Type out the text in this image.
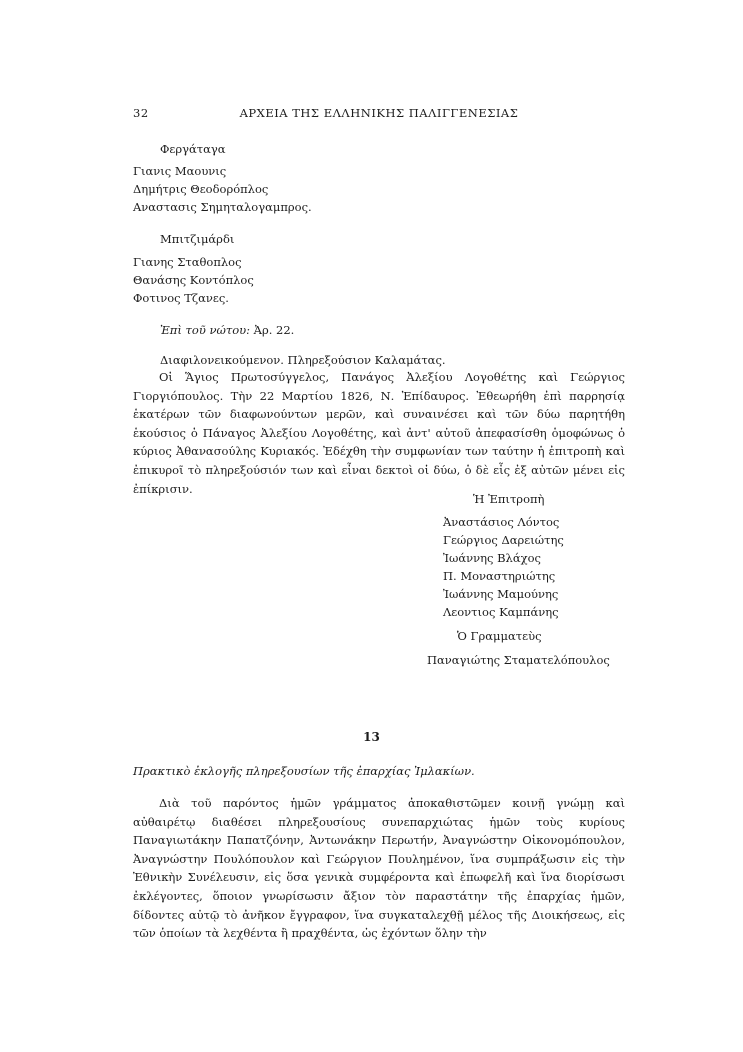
32	ΑΡΧΕΙΑ ΤΗΣ ΕΛΛΗΝΙΚΗΣ ΠΑΛΙΓΓΕΝΕΣΙΑΣ
Φεργάταγα
Γιανις Μαουνις
Δημήτρις Θεοδορόπλος
Αναστασις Σημηταλογαμπρος.
Μπιτζιμάρδι
Γιανης Σταθοπλος
Θανάσης Κοντόπλος
Φοτινος Τζανες.
Ἐπὶ τοῦ νώτου: Ἀρ. 22.
Διαφιλονεικούμενον. Πληρεξούσιον Καλαμάτας.

Οἱ Ἅγιος Πρωτοσύγγελος, Πανάγος Ἀλεξίου Λογοθέτης καὶ Γεώργιος Γιοργιόπουλος. Τὴν 22 Μαρτίου 1826, Ν. Ἐπίδαυρος. Ἐθεωρήθη ἐπὶ παρρησίᾳ ἑκατέρων τῶν διαφωνούντων μερῶν, καὶ συναινέσει καὶ τῶν δύω παρητήθη ἑκούσιος ὁ Πάναγος Ἀλεξίου Λογοθέτης, καὶ ἀντ' αὐτοῦ ἀπεφασίσθη ὁμοφώνως ὁ κύριος Ἀθανασούλης Κυριακός. Ἐδέχθη τὴν συμφωνίαν των ταύτην ἡ ἐπιτροπὴ καὶ ἐπικυροῖ τὸ πληρεξούσιόν των καὶ εἶναι δεκτοὶ οἱ δύω, ὁ δὲ εἷς ἐξ αὐτῶν μένει εἰς ἐπίκρισιν.

Ἡ Ἐπιτροπὴ
Ἀναστάσιος Λόντος
Γεώργιος Δαρειώτης
Ἰωάννης Βλάχος
Π. Μοναστηριώτης
Ἰωάννης Μαμούνης
Λεοντιος Καμπάνης
Ὁ Γραμματεὺς
Παναγιώτης Σταματελόπουλος
13
Πρακτικὸ ἐκλογῆς πληρεξουσίων τῆς ἐπαρχίας Ἰμλακίων.

Διὰ τοῦ παρόντος ἡμῶν γράμματος ἀποκαθιστῶμεν κοινῇ γνώμῃ καὶ αὐθαιρέτῳ διαθέσει πληρεξουσίους συνεπαρχιώτας ἡμῶν τοὺς κυρίους Παναγιωτάκην Παπατζόνην, Ἀντωνάκην Περωτήν, Ἀναγνώστην Οἰκονομόπουλον, Ἀναγνώστην Πουλόπουλον καὶ Γεώργιον Πουλημένον, ἵνα συμπράξωσιν εἰς τὴν Ἐθνικὴν Συνέλευσιν, εἰς ὅσα γενικὰ συμφέροντα καὶ ἐπωφελῆ καὶ ἵνα διορίσωσι ἐκλέγοντες, ὅποιον γνωρίσωσιν ἄξιον τὸν παραστάτην τῆς ἐπαρχίας ἡμῶν, δίδοντες αὐτῷ τὸ ἀνῆκον ἔγγραφον, ἵνα συγκαταλεχθῇ μέλος τῆς Διοικήσεως, εἰς τῶν ὁποίων τὰ λεχθέντα ἢ πραχθέντα, ὡς ἐχόντων ὅλην τὴν
